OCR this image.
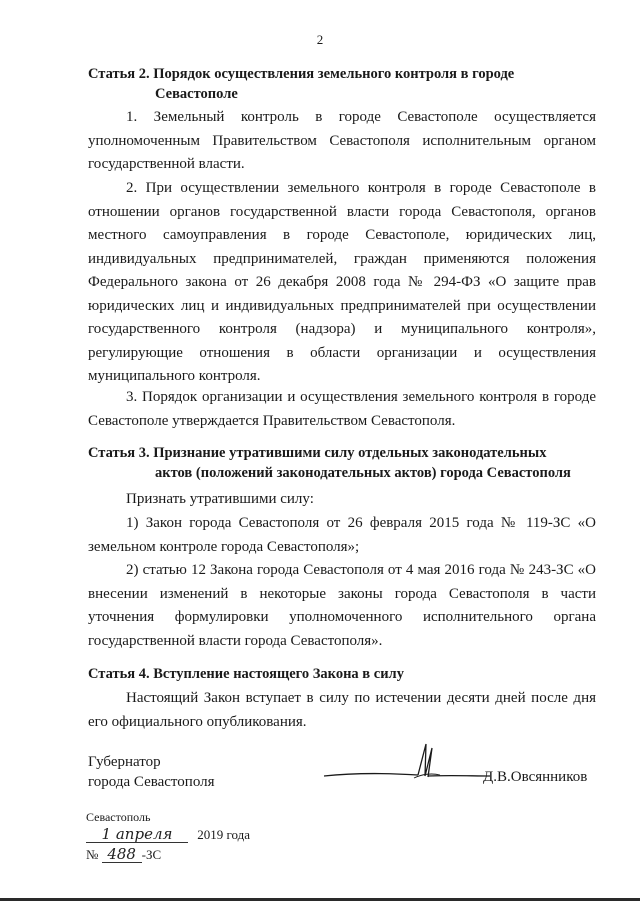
2
Статья 2. Порядок осуществления земельного контроля в городе
Севастополе
1. Земельный контроль в городе Севастополе осуществляется уполномоченным Правительством Севастополя исполнительным органом государственной власти.
2. При осуществлении земельного контроля в городе Севастополе в отношении органов государственной власти города Севастополя, органов местного самоуправления в городе Севастополе, юридических лиц, индивидуальных предпринимателей, граждан применяются положения Федерального закона от 26 декабря 2008 года № 294-ФЗ «О защите прав юридических лиц и индивидуальных предпринимателей при осуществлении государственного контроля (надзора) и муниципального контроля», регулирующие отношения в области организации и осуществления муниципального контроля.
3. Порядок организации и осуществления земельного контроля в городе Севастополе утверждается Правительством Севастополя.
Статья 3. Признание утратившими силу отдельных законодательных
актов (положений законодательных актов) города Севастополя
Признать утратившими силу:
1) Закон города Севастополя от 26 февраля 2015 года № 119-ЗС «О земельном контроле города Севастополя»;
2) статью 12 Закона города Севастополя от 4 мая 2016 года № 243-ЗС «О внесении изменений в некоторые законы города Севастополя в части уточнения формулировки уполномоченного исполнительного органа государственной власти города Севастополя».
Статья 4. Вступление настоящего Закона в силу
Настоящий Закон вступает в силу по истечении десяти дней после дня его официального опубликования.
Губернатор
города Севастополя	Д.В.Овсянников
Севастополь
1 апреля 2019 года
№ 488 -ЗС
